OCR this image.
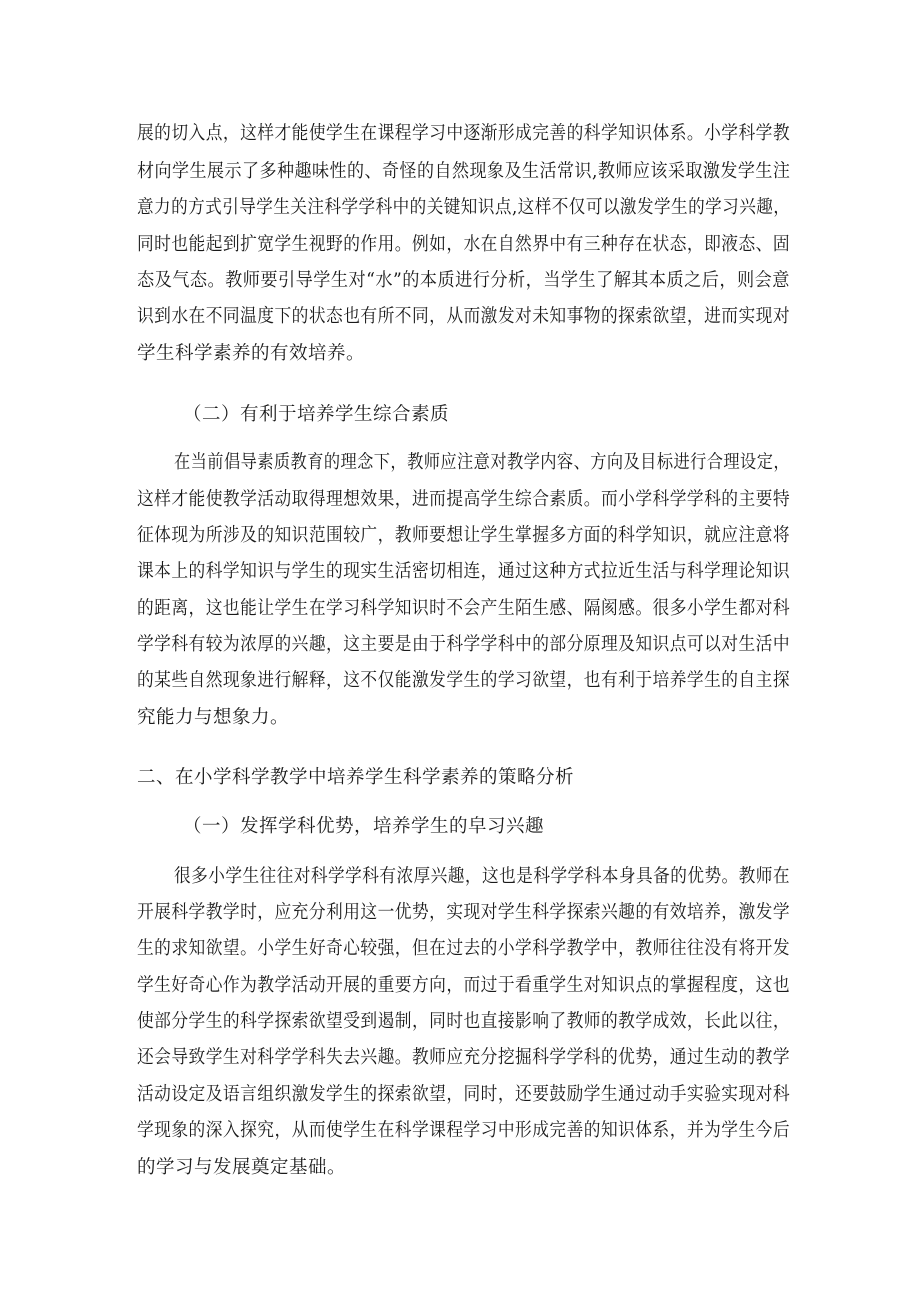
展的切入点，这样才能使学生在课程学习中逐渐形成完善的科学知识体系。小学科学教
材向学生展示了多种趣味性的、奇怪的自然现象及生活常识,教师应该采取激发学生注
意力的方式引导学生关注科学学科中的关键知识点,这样不仅可以激发学生的学习兴趣，
同时也能起到扩宽学生视野的作用。例如，水在自然界中有三种存在状态，即液态、固
态及气态。教师要引导学生对“水”的本质进行分析，当学生了解其本质之后，则会意
识到水在不同温度下的状态也有所不同，从而激发对未知事物的探索欲望，进而实现对
学生科学素养的有效培养。
（二）有利于培养学生综合素质
在当前倡导素质教育的理念下，教师应注意对教学内容、方向及目标进行合理设定，
这样才能使教学活动取得理想效果，进而提高学生综合素质。而小学科学学科的主要特
征体现为所涉及的知识范围较广，教师要想让学生掌握多方面的科学知识，就应注意将
课本上的科学知识与学生的现实生活密切相连，通过这种方式拉近生活与科学理论知识
的距离，这也能让学生在学习科学知识时不会产生陌生感、隔阂感。很多小学生都对科
学学科有较为浓厚的兴趣，这主要是由于科学学科中的部分原理及知识点可以对生活中
的某些自然现象进行解释，这不仅能激发学生的学习欲望，也有利于培养学生的自主探
究能力与想象力。
二、在小学科学教学中培养学生科学素养的策略分析
（一）发挥学科优势，培养学生的皁习兴趣
很多小学生往往对科学学科有浓厚兴趣，这也是科学学科本身具备的优势。教师在
开展科学教学时，应充分利用这一优势，实现对学生科学探索兴趣的有效培养，激发学
生的求知欲望。小学生好奇心较强，但在过去的小学科学教学中，教师往往没有将开发
学生好奇心作为教学活动开展的重要方向，而过于看重学生对知识点的掌握程度，这也
使部分学生的科学探索欲望受到遏制，同时也直接影响了教师的教学成效，长此以往，
还会导致学生对科学学科失去兴趣。教师应充分挖掘科学学科的优势，通过生动的教学
活动设定及语言组织激发学生的探索欲望，同时，还要鼓励学生通过动手实验实现对科
学现象的深入探究，从而使学生在科学课程学习中形成完善的知识体系，并为学生今后
的学习与发展奠定基础。
